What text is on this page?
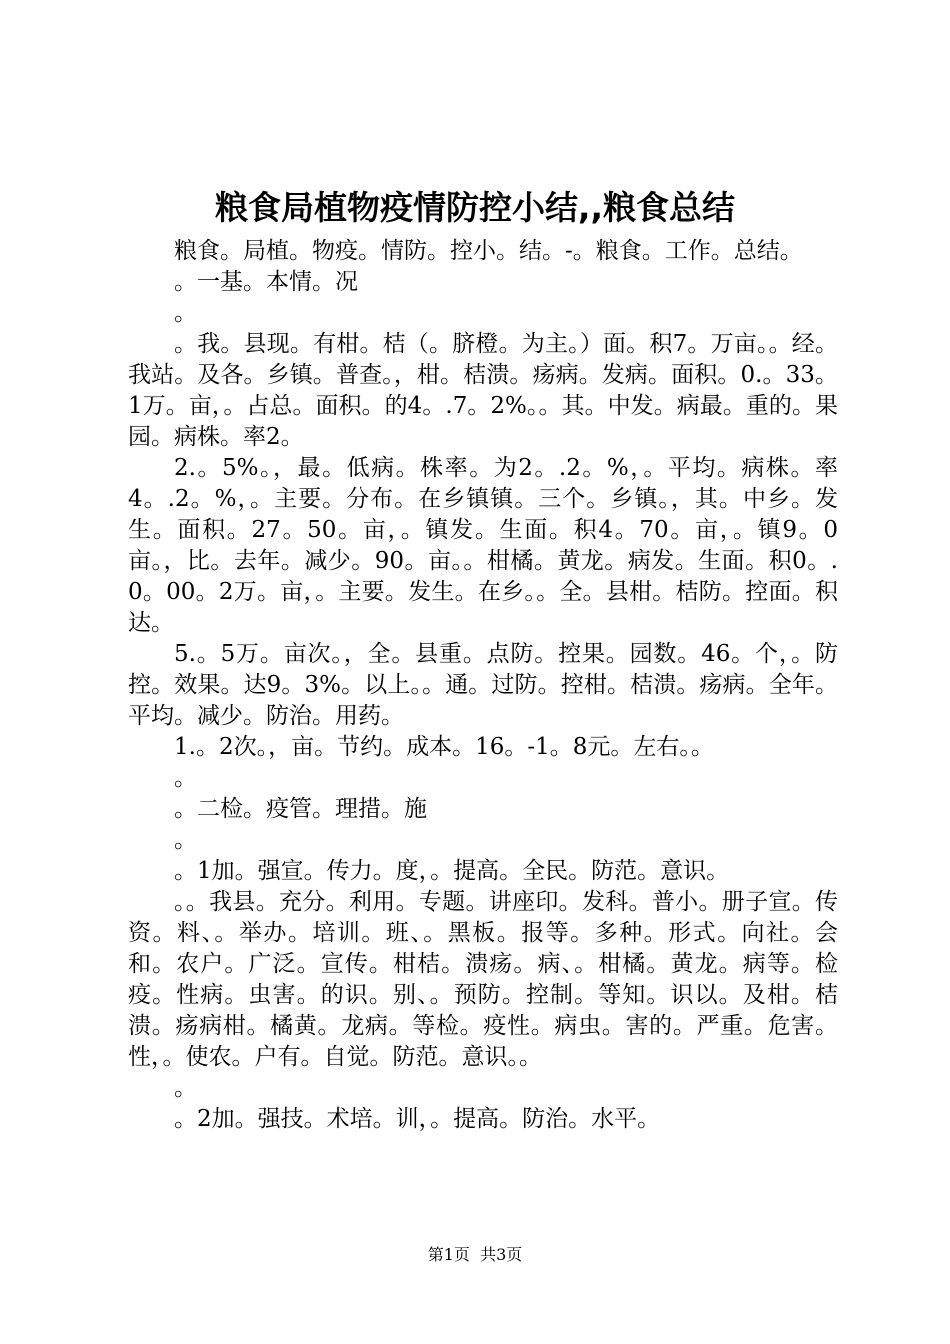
粮食局植物疫情防控小结,,粮食总结

粮食。局植。物疫。情防。控小。结。-。粮食。工作。总结。

。一基。本情。况

。

。我。县现。有柑。桔（。脐橙。为主。）面。积7。万亩。。经。我站。及各。乡镇。普查。，柑。桔溃。疡病。发病。面积。0.。33。1万。亩，。占总。面积。的4。.7。2%。。其。中发。病最。重的。果园。病株。率2。

2.。5%。，最。低病。株率。为2。.2。%，。平均。病株。率4。.2。%，。主要。分布。在乡镇镇。三个。乡镇。，其。中乡。发生。面积。27。50。亩，。镇发。生面。积4。70。亩，。镇9。0亩。，比。去年。减少。90。亩。。柑橘。黄龙。病发。生面。积0。.0。00。2万。亩，。主要。发生。在乡。。全。县柑。桔防。控面。积达。

5.。5万。亩次。，全。县重。点防。控果。园数。46。个，。防控。效果。达9。3%。以上。。通。过防。控柑。桔溃。疡病。全年。平均。减少。防治。用药。

1.。2次。，亩。节约。成本。16。-1。8元。左右。。

。

。二检。疫管。理措。施

。

。1加。强宣。传力。度，。提高。全民。防范。意识。

。。我县。充分。利用。专题。讲座印。发科。普小。册子宣。传资。料、。举办。培训。班、。黑板。报等。多种。形式。向社。会和。农户。广泛。宣传。柑桔。溃疡。病、。柑橘。黄龙。病等。检疫。性病。虫害。的识。别、。预防。控制。等知。识以。及柑。桔溃。疡病柑。橘黄。龙病。等检。疫性。病虫。害的。严重。危害。性，。使农。户有。自觉。防范。意识。。

。

。2加。强技。术培。训，。提高。防治。水平。

第1页  共3页
